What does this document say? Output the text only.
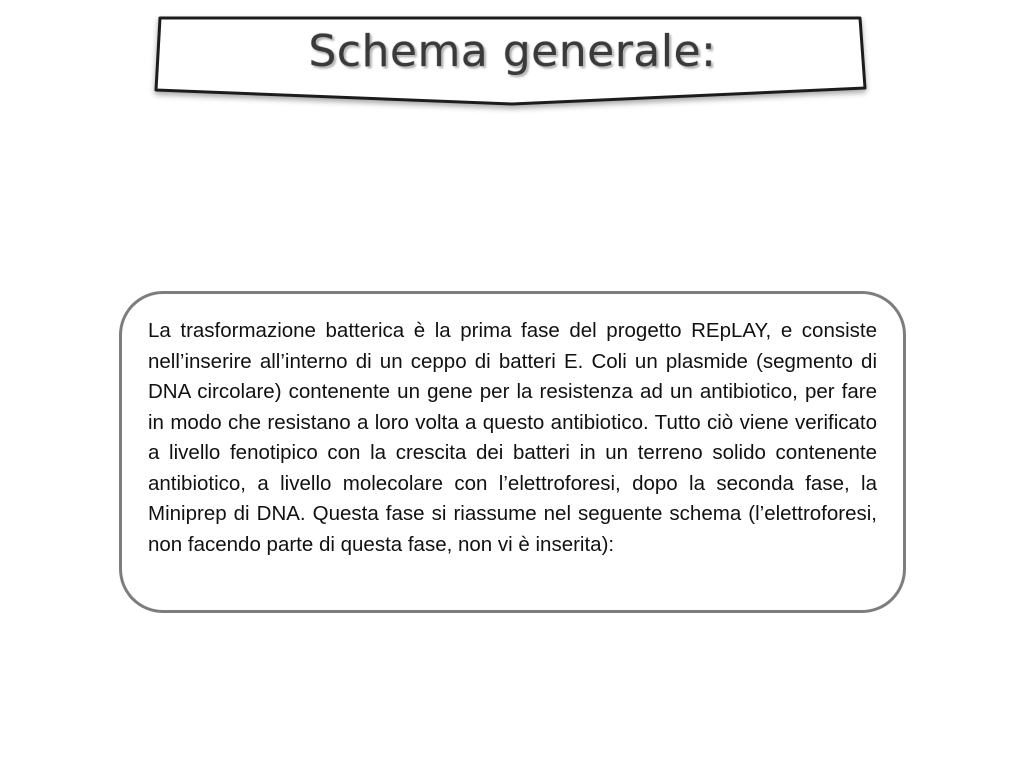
Schema generale:

La trasformazione batterica è la prima fase del progetto REpLAY, e consiste nell’inserire all’interno di un ceppo di batteri E. Coli un plasmide (segmento di DNA circolare) contenente un gene per la resistenza ad un antibiotico, per fare in modo che resistano a loro volta a questo antibiotico. Tutto ciò viene verificato a livello fenotipico con la crescita dei batteri in un terreno solido contenente antibiotico, a livello molecolare con l’elettroforesi, dopo la seconda fase, la Miniprep di DNA. Questa fase si riassume nel seguente schema (l’elettroforesi, non facendo parte di questa fase, non vi è inserita):
